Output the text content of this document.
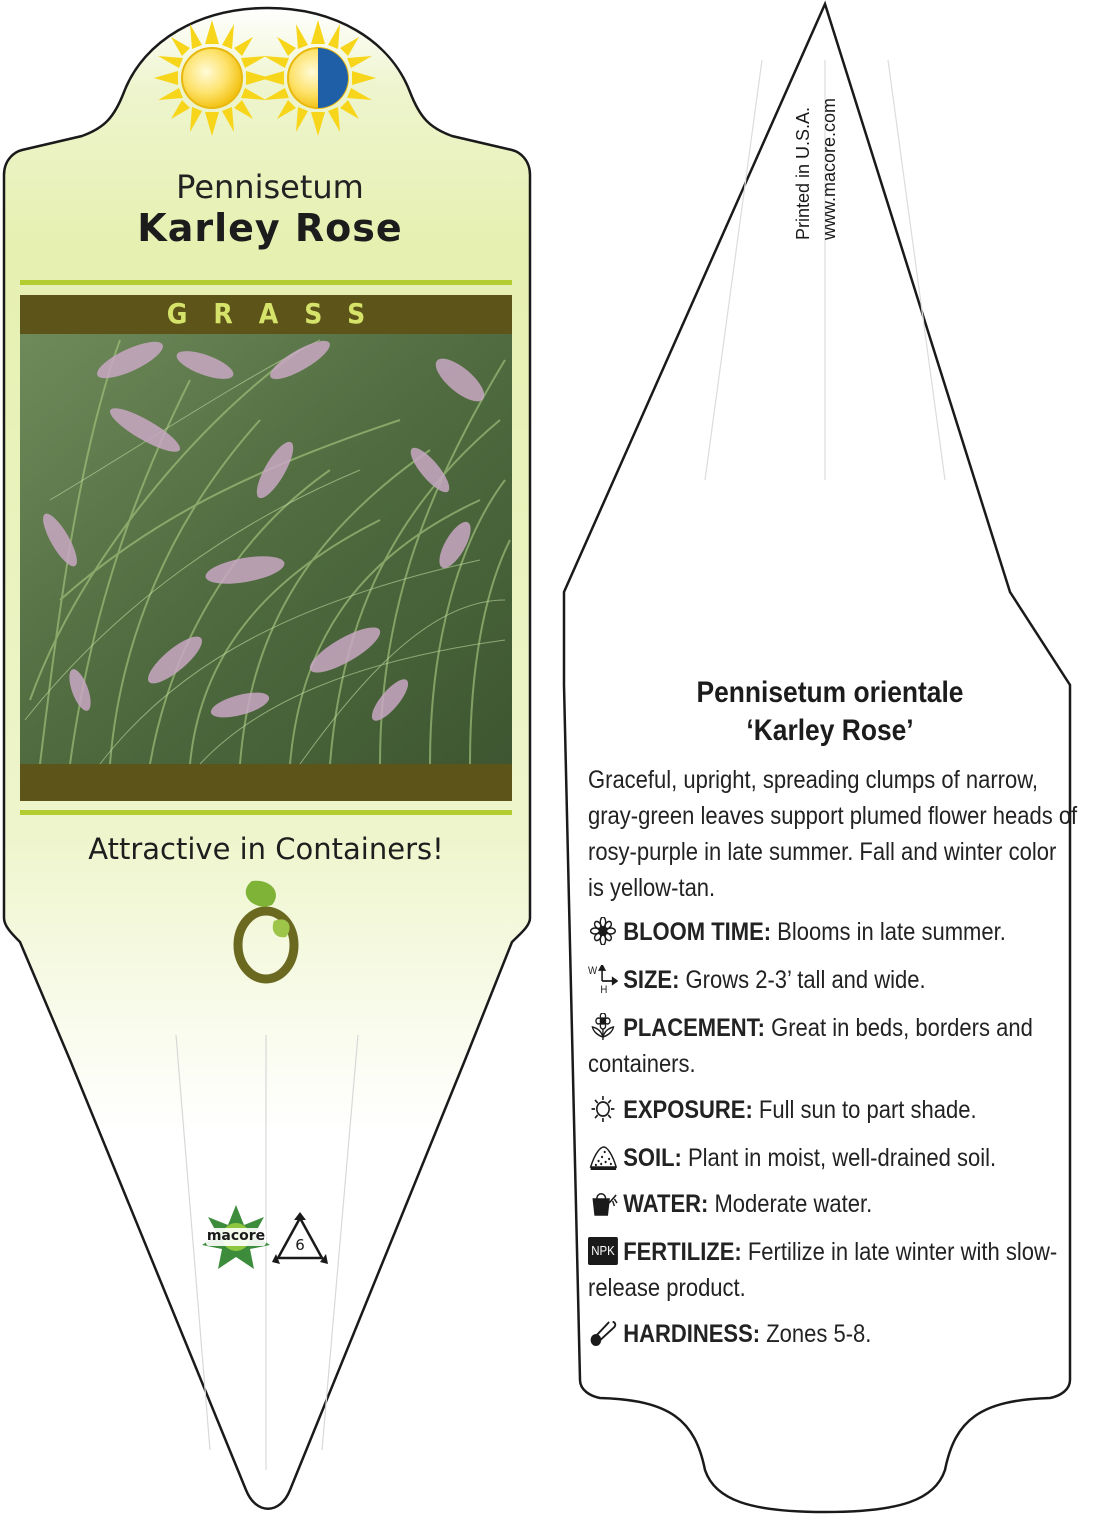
Pennisetum
Karley Rose
GRASS
Attractive in Containers!
macore 6
Printed in U.S.A. www.macore.com
Pennisetum orientale
‘Karley Rose’
Graceful, upright, spreading clumps of narrow, gray-green leaves support plumed flower heads of rosy-purple in late summer. Fall and winter color is yellow-tan.
BLOOM TIME: Blooms in late summer.
W
H SIZE: Grows 2-3’ tall and wide.
PLACEMENT: Great in beds, borders and containers.
EXPOSURE: Full sun to part shade.
SOIL: Plant in moist, well-drained soil.
WATER: Moderate water.
NPK FERTILIZE: Fertilize in late winter with slow-release product.
HARDINESS: Zones 5-8.
